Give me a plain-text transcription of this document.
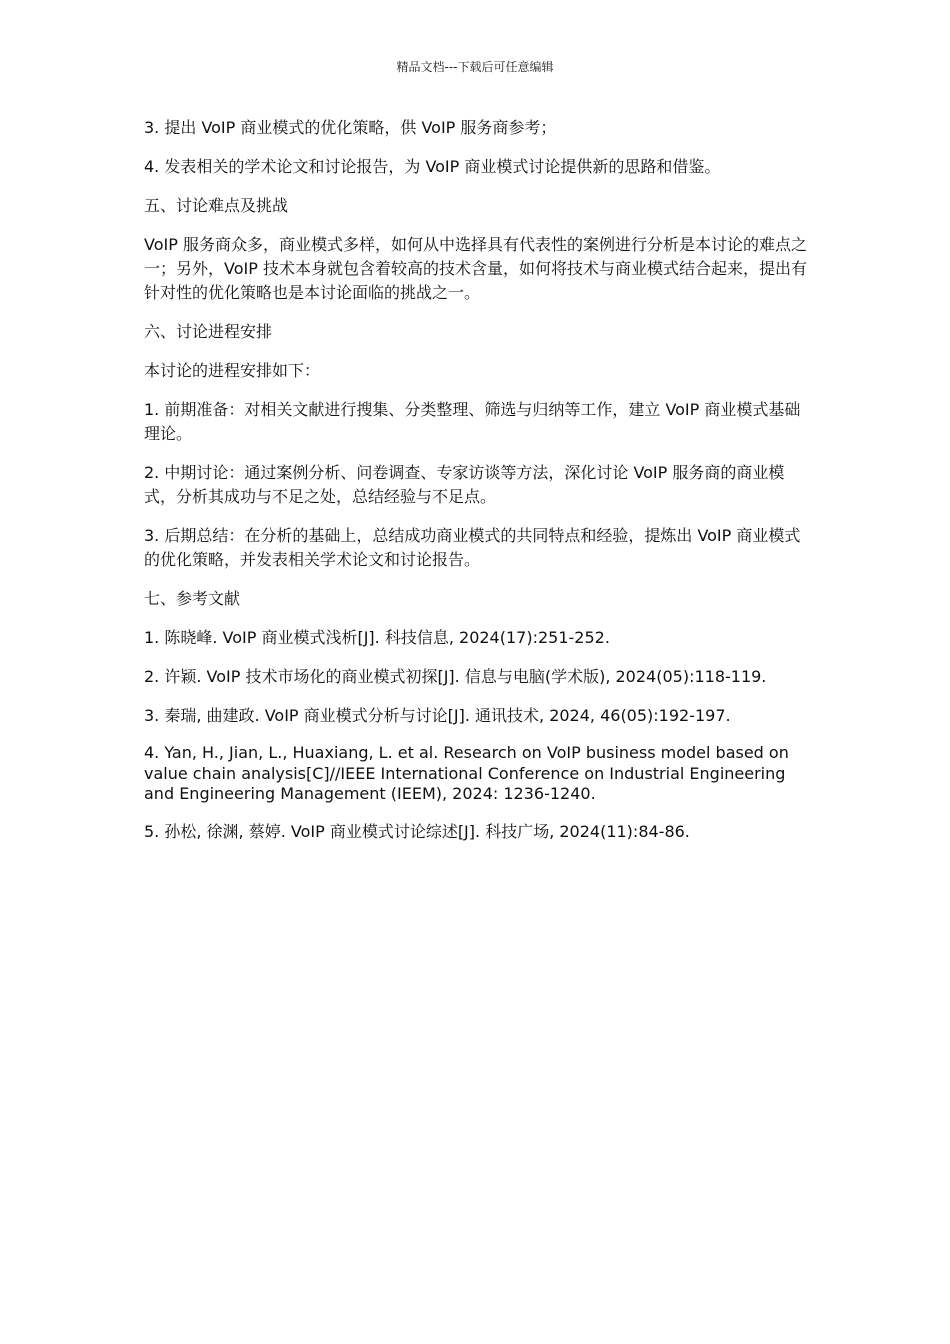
精品文档---下载后可任意编辑

3. 提出 VoIP 商业模式的优化策略，供 VoIP 服务商参考；

4. 发表相关的学术论文和讨论报告，为 VoIP 商业模式讨论提供新的思路和借鉴。

五、讨论难点及挑战

VoIP 服务商众多，商业模式多样，如何从中选择具有代表性的案例进行分析是本讨论的难点之一；另外，VoIP 技术本身就包含着较高的技术含量，如何将技术与商业模式结合起来，提出有针对性的优化策略也是本讨论面临的挑战之一。

六、讨论进程安排

本讨论的进程安排如下：

1. 前期准备：对相关文献进行搜集、分类整理、筛选与归纳等工作，建立 VoIP 商业模式基础理论。

2. 中期讨论：通过案例分析、问卷调查、专家访谈等方法，深化讨论 VoIP 服务商的商业模式，分析其成功与不足之处，总结经验与不足点。

3. 后期总结：在分析的基础上，总结成功商业模式的共同特点和经验，提炼出 VoIP 商业模式的优化策略，并发表相关学术论文和讨论报告。

七、参考文献

1. 陈晓峰. VoIP 商业模式浅析[J]. 科技信息, 2024(17):251-252.

2. 许颖. VoIP 技术市场化的商业模式初探[J]. 信息与电脑(学术版), 2024(05):118-119.

3. 秦瑞, 曲建政. VoIP 商业模式分析与讨论[J]. 通讯技术, 2024, 46(05):192-197.

4. Yan, H., Jian, L., Huaxiang, L. et al. Research on VoIP business model based on value chain analysis[C]//IEEE International Conference on Industrial Engineering and Engineering Management (IEEM), 2024: 1236-1240.

5. 孙松, 徐渊, 蔡婷. VoIP 商业模式讨论综述[J]. 科技广场, 2024(11):84-86.
